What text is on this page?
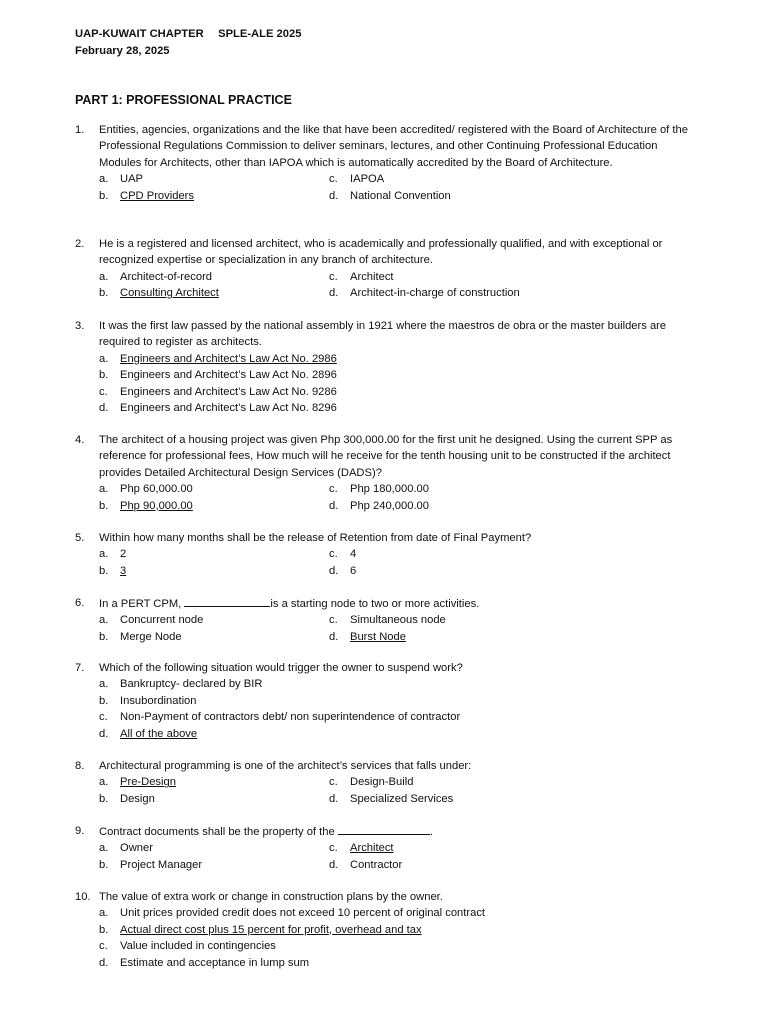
UAP-KUWAIT CHAPTER SPLE-ALE 2025
February 28, 2025
PART 1: PROFESSIONAL PRACTICE
1. Entities, agencies, organizations and the like that have been accredited/ registered with the Board of Architecture of the Professional Regulations Commission to deliver seminars, lectures, and other Continuing Professional Education Modules for Architects, other than IAPOA which is automatically accredited by the Board of Architecture.
a. UAP	c. IAPOA
b. CPD Providers	d. National Convention
2. He is a registered and licensed architect, who is academically and professionally qualified, and with exceptional or recognized expertise or specialization in any branch of architecture.
a. Architect-of-record	c. Architect
b. Consulting Architect	d. Architect-in-charge of construction
3. It was the first law passed by the national assembly in 1921 where the maestros de obra or the master builders are required to register as architects.
a. Engineers and Architect’s Law Act No. 2986
b. Engineers and Architect’s Law Act No. 2896
c. Engineers and Architect’s Law Act No. 9286
d. Engineers and Architect’s Law Act No. 8296
4. The architect of a housing project was given Php 300,000.00 for the first unit he designed. Using the current SPP as reference for professional fees, How much will he receive for the tenth housing unit to be constructed if the architect provides Detailed Architectural Design Services (DADS)?
a. Php 60,000.00	c. Php 180,000.00
b. Php 90,000.00	d. Php 240,000.00
5. Within how many months shall be the release of Retention from date of Final Payment?
a. 2	c. 4
b. 3	d. 6
6. In a PERT CPM,	is a starting node to two or more activities.
a. Concurrent node	c. Simultaneous node
b. Merge Node	d. Burst Node
7. Which of the following situation would trigger the owner to suspend work?
a. Bankruptcy- declared by BIR
b. Insubordination
c. Non-Payment of contractors debt/ non superintendence of contractor
d. All of the above
8. Architectural programming is one of the architect’s services that falls under:
a. Pre-Design	c. Design-Build
b. Design	d. Specialized Services
9. Contract documents shall be the property of the	.
a. Owner	c. Architect
b. Project Manager	d. Contractor
10. The value of extra work or change in construction plans by the owner.
a. Unit prices provided credit does not exceed 10 percent of original contract
b. Actual direct cost plus 15 percent for profit, overhead and tax
c. Value included in contingencies
d. Estimate and acceptance in lump sum
